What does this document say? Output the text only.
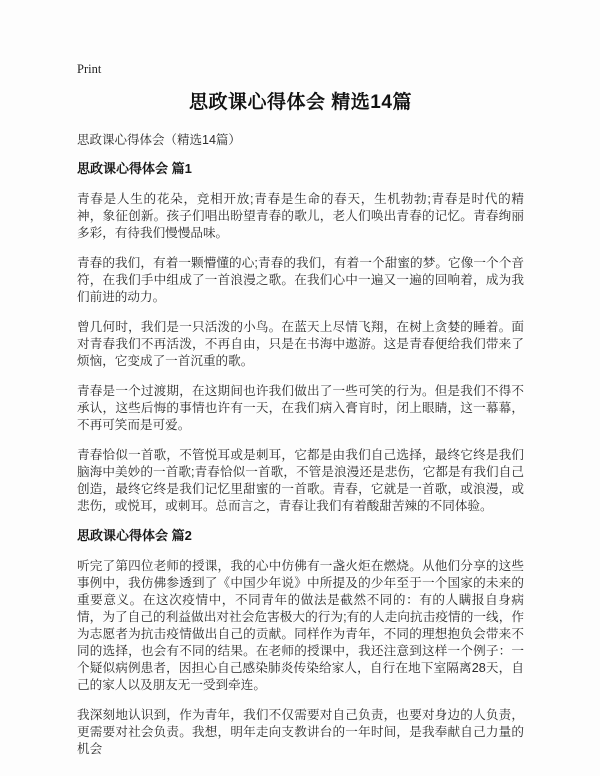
Print
思政课心得体会 精选14篇
思政课心得体会（精选14篇）
思政课心得体会 篇1

青春是人生的花朵，竞相开放;青春是生命的春天，生机勃勃;青春是时代的精神，象征创新。孩子们唱出盼望青春的歌儿，老人们唤出青春的记忆。青春绚丽多彩，有待我们慢慢品味。

青春的我们，有着一颗懵懂的心;青春的我们，有着一个甜蜜的梦。它像一个个音符，在我们手中组成了一首浪漫之歌。在我们心中一遍又一遍的回响着，成为我们前进的动力。

曾几何时，我们是一只活泼的小鸟。在蓝天上尽情飞翔，在树上贪婪的睡着。面对青春我们不再活泼，不再自由，只是在书海中遨游。这是青春便给我们带来了烦恼，它变成了一首沉重的歌。

青春是一个过渡期，在这期间也许我们做出了一些可笑的行为。但是我们不得不承认，这些后悔的事情也许有一天，在我们病入膏肓时，闭上眼睛，这一幕幕，不再可笑而是可爱。

青春恰似一首歌，不管悦耳或是刺耳，它都是由我们自己选择，最终它终是我们脑海中美妙的一首歌;青春恰似一首歌，不管是浪漫还是悲伤，它都是有我们自己创造，最终它终是我们记忆里甜蜜的一首歌。青春，它就是一首歌，或浪漫，或悲伤，或悦耳，或刺耳。总而言之，青春让我们有着酸甜苦辣的不同体验。

思政课心得体会 篇2

听完了第四位老师的授课，我的心中仿佛有一盏火炬在燃烧。从他们分享的这些事例中，我仿佛参透到了《中国少年说》中所提及的少年至于一个国家的未来的重要意义。在这次疫情中，不同青年的做法是截然不同的：有的人瞒报自身病情，为了自己的利益做出对社会危害极大的行为;有的人走向抗击疫情的一线，作为志愿者为抗击疫情做出自己的贡献。同样作为青年，不同的理想抱负会带来不同的选择，也会有不同的结果。在老师的授课中，我还注意到这样一个例子：一个疑似病例患者，因担心自己感染肺炎传染给家人，自行在地下室隔离28天，自己的家人以及朋友无一受到牵连。

我深刻地认识到，作为青年，我们不仅需要对自己负责，也要对身边的人负责，更需要对社会负责。我想，明年走向支教讲台的一年时间，是我奉献自己力量的机会
